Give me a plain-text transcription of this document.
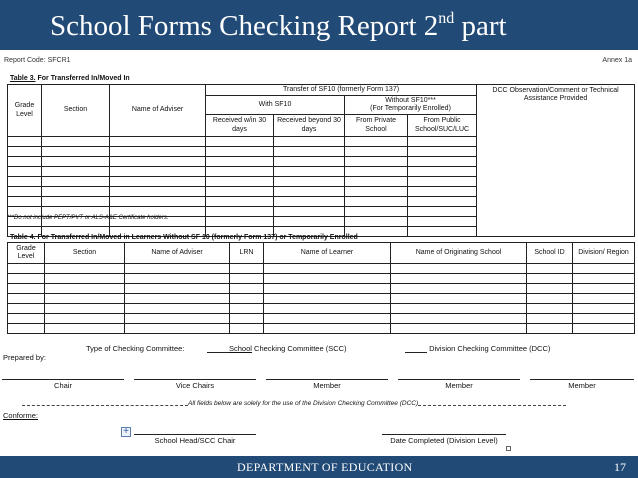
School Forms Checking Report 2nd part
Report Code: SFCR1	Annex 1a
Table 3. For Transferred In/Moved In
Grade Level	Section	Name of Adviser	Transfer of SF10 (formerly Form 137)				DCC Observation/Comment or Technical Assistance Provided
			With SF10		Without SF10***
(For Temporarily Enrolled)		
			Received w/in 30 days	Received beyond 30 days	From Private School	From Public School/SUC/LUC	

***Do not include PEPT/PVT or ALS-A&E Certificate holders.
Table 4. For Transferred In/Moved in Learners Without SF 10 (formerly Form 137) or Temporarily Enrolled
Grade Level	Section	Name of Adviser	LRN	Name of Learner	Name of Originating School	School ID	Division/ Region

Type of Checking Committee:	School Checking Committee (SCC)	Division Checking Committee (DCC)
Prepared by:
Chair	Vice Chairs	Member	Member	Member
All fields below are solely for the use of the Division Checking Committee (DCC)
Conforme:
+
School Head/SCC Chair	Date Completed (Division Level)
DEPARTMENT OF EDUCATION	17
